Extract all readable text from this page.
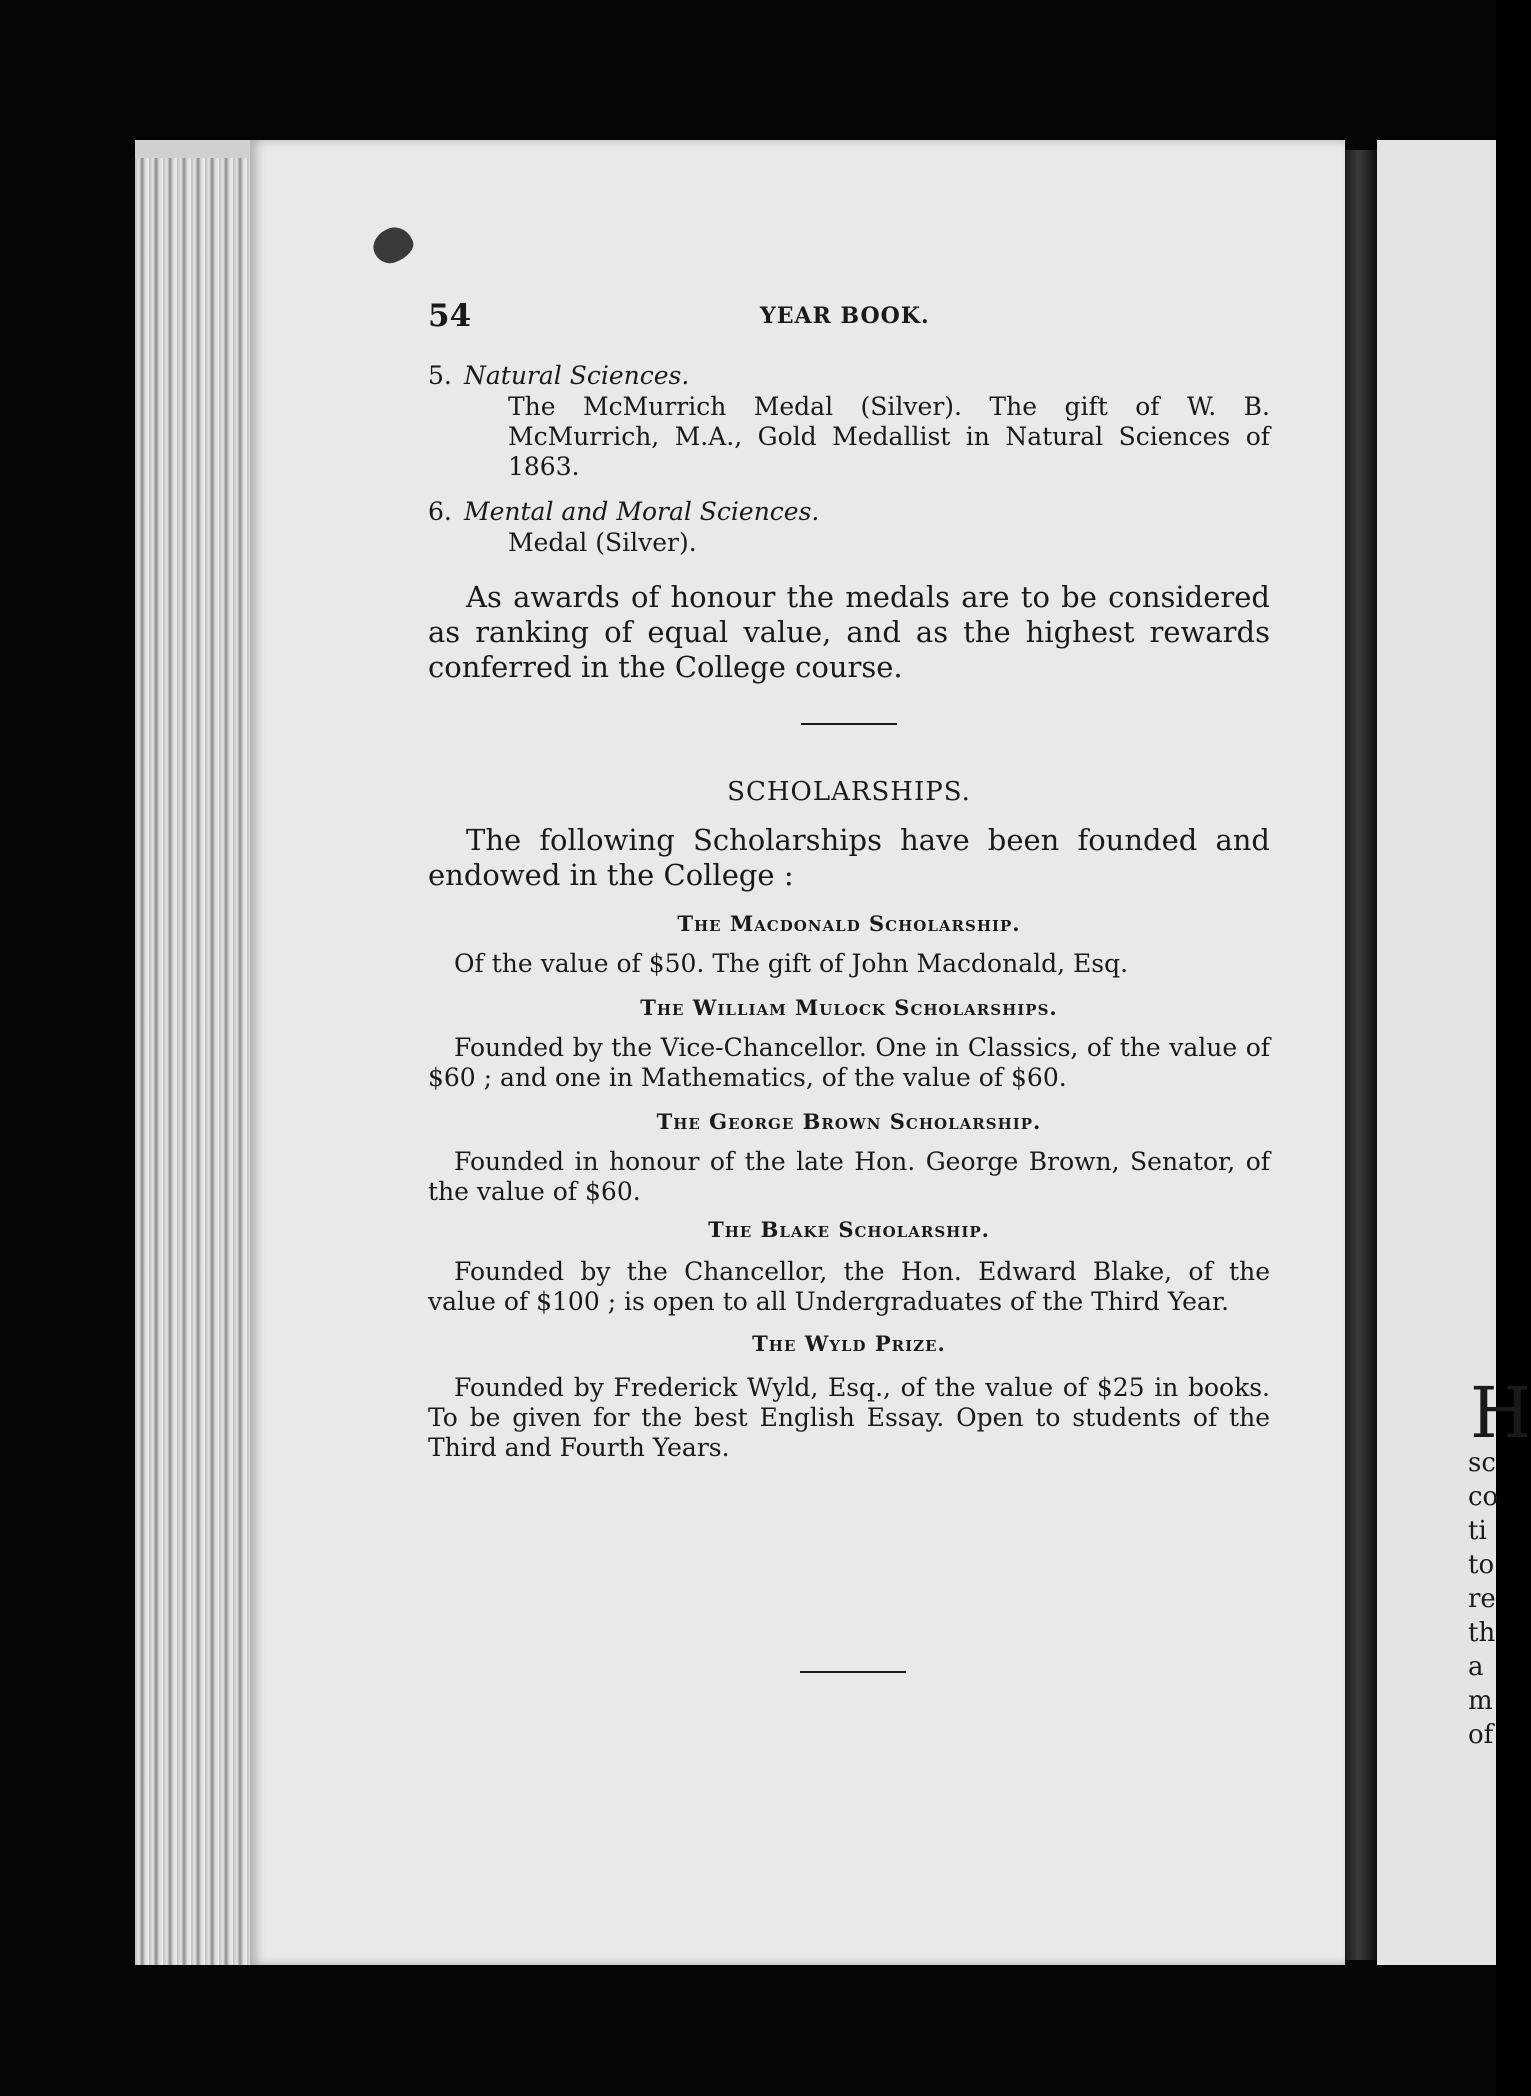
54	YEAR BOOK.

5. Natural Sciences.

The McMurrich Medal (Silver). The gift of W. B. McMurrich, M.A., Gold Medallist in Natural Sciences of 1863.

6. Mental and Moral Sciences.

Medal (Silver).

As awards of honour the medals are to be considered as ranking of equal value, and as the highest rewards conferred in the College course.

SCHOLARSHIPS.

The following Scholarships have been founded and endowed in the College :

The Macdonald Scholarship.

Of the value of $50. The gift of John Macdonald, Esq.

The William Mulock Scholarships.

Founded by the Vice-Chancellor. One in Classics, of the value of $60 ; and one in Mathematics, of the value of $60.

The George Brown Scholarship.

Founded in honour of the late Hon. George Brown, Senator, of the value of $60.

The Blake Scholarship.

Founded by the Chancellor, the Hon. Edward Blake, of the value of $100 ; is open to all Undergraduates of the Third Year.

The Wyld Prize.

Founded by Frederick Wyld, Esq., of the value of $25 in books. To be given for the best English Essay. Open to students of the Third and Fourth Years.	H
sc
co
ti
to
re
th
a
m
of
